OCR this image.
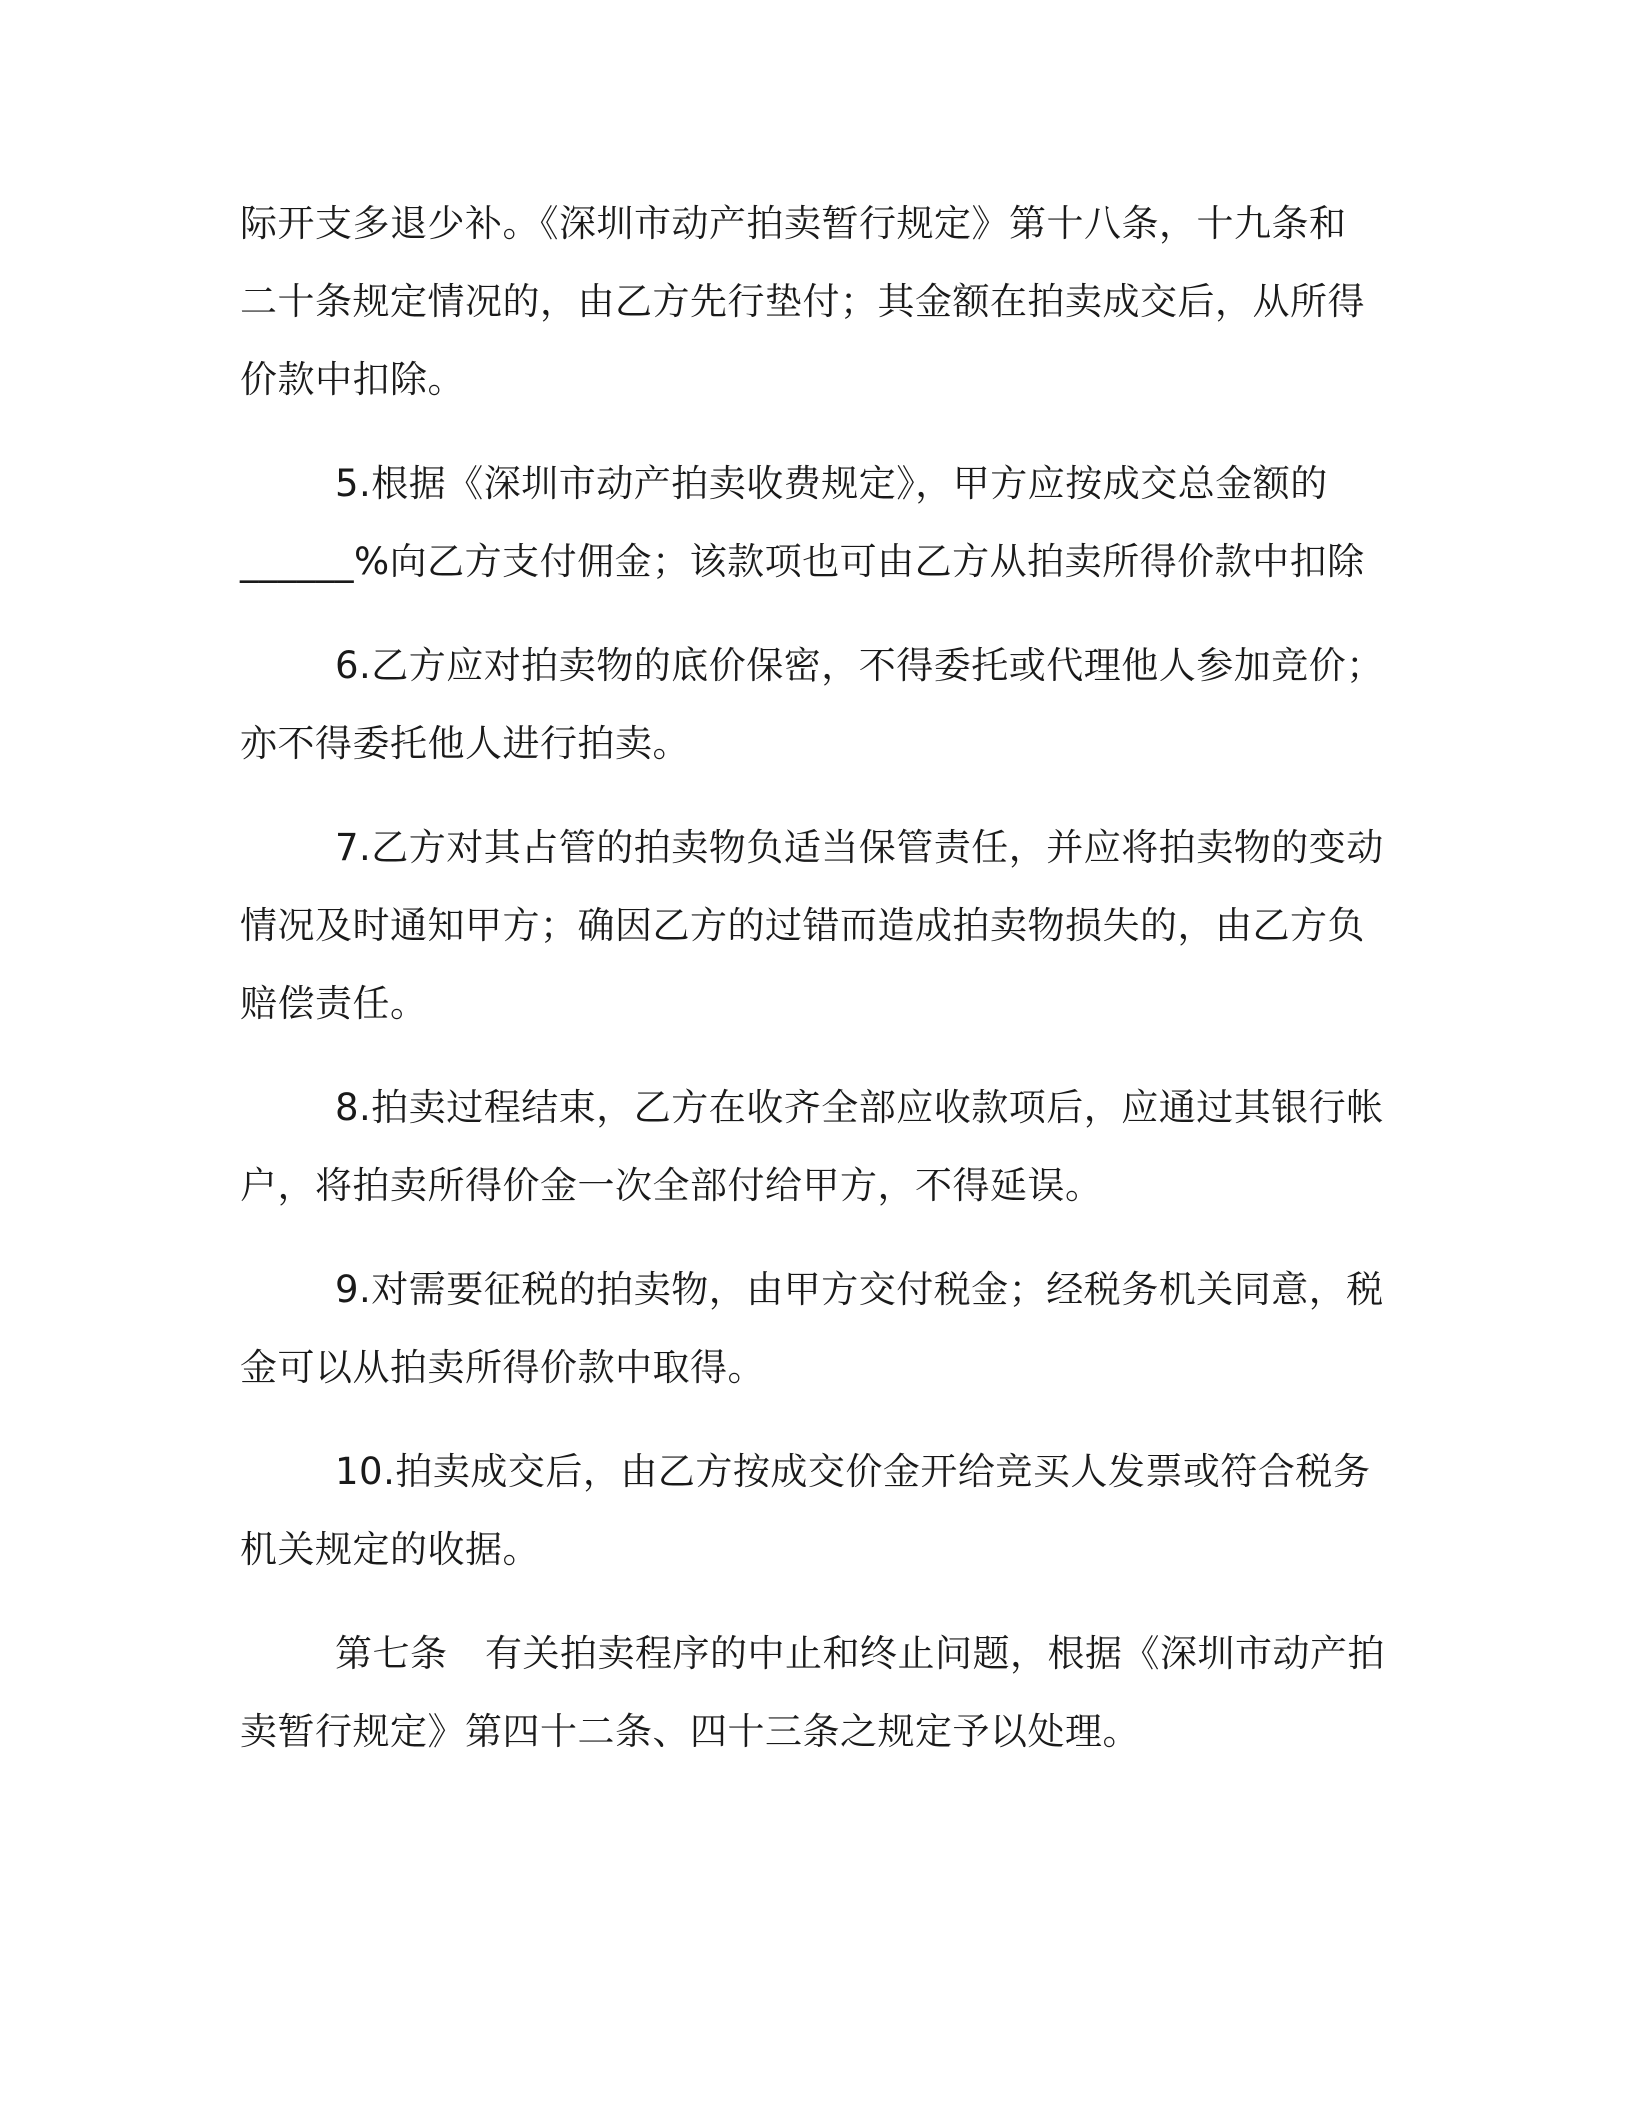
际开支多退少补。《深圳市动产拍卖暂行规定》第十八条，十九条和
二十条规定情况的，由乙方先行垫付；其金额在拍卖成交后，从所得
价款中扣除。

5.根据《深圳市动产拍卖收费规定》，甲方应按成交总金额的
______%向乙方支付佣金；该款项也可由乙方从拍卖所得价款中扣除

6.乙方应对拍卖物的底价保密，不得委托或代理他人参加竞价；
亦不得委托他人进行拍卖。

7.乙方对其占管的拍卖物负适当保管责任，并应将拍卖物的变动
情况及时通知甲方；确因乙方的过错而造成拍卖物损失的，由乙方负
赔偿责任。

8.拍卖过程结束，乙方在收齐全部应收款项后，应通过其银行帐
户，将拍卖所得价金一次全部付给甲方，不得延误。

9.对需要征税的拍卖物，由甲方交付税金；经税务机关同意，税
金可以从拍卖所得价款中取得。

10.拍卖成交后，由乙方按成交价金开给竞买人发票或符合税务
机关规定的收据。

第七条　有关拍卖程序的中止和终止问题，根据《深圳市动产拍
卖暂行规定》第四十二条、四十三条之规定予以处理。
